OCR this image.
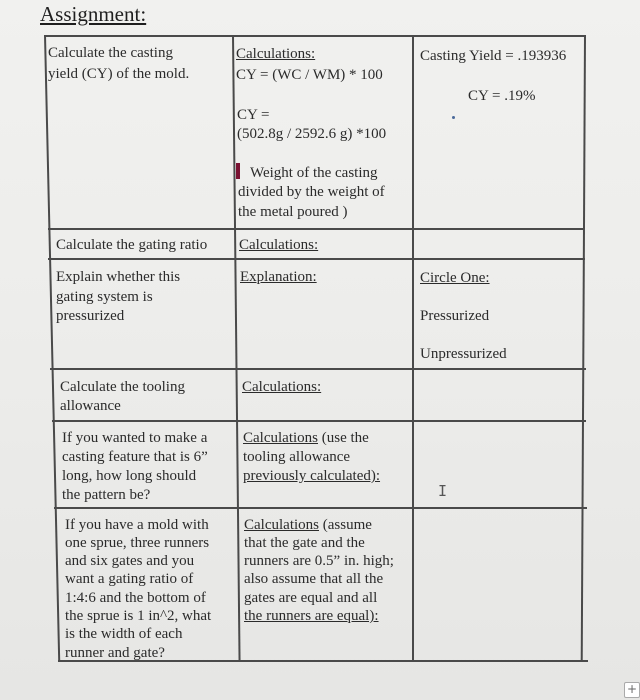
Assignment:
Calculate the casting
yield (CY) of the mold.
Calculations:
CY = (WC / WM) * 100
CY =
(502.8g / 2592.6 g) *100
Weight of the casting
divided by the weight of
the metal poured )
Casting Yield = .193936
CY = .19%
Calculate the gating ratio Calculations:
Explain whether this
gating system is
pressurized
Explanation:	Circle One:
Pressurized
Unpressurized
Calculate the tooling
allowance
Calculations:
If you wanted to make a
casting feature that is 6”
long, how long should
the pattern be?
Calculations (use the
tooling allowance
previously calculated):
I
If you have a mold with
one sprue, three runners
and six gates and you
want a gating ratio of
1:4:6 and the bottom of
the sprue is 1 in^2, what
is the width of each
runner and gate?
Calculations (assume
that the gate and the
runners are 0.5” in. high;
also assume that all the
gates are equal and all
the runners are equal):
+
